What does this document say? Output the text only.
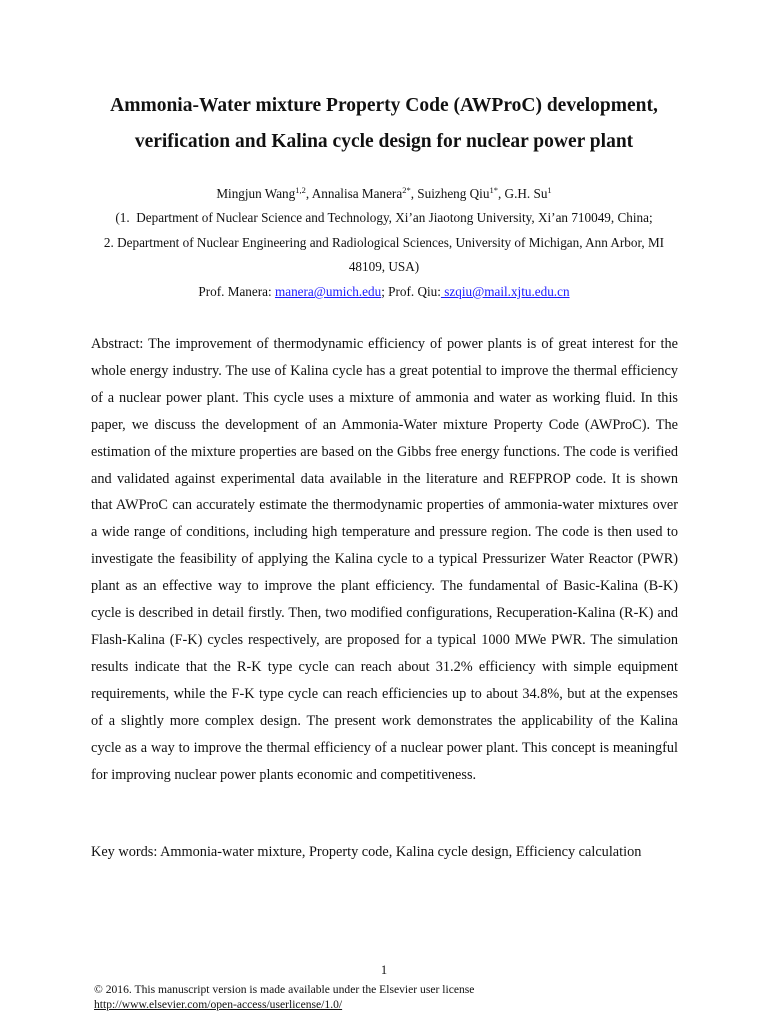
Ammonia-Water mixture Property Code (AWProC) development,
verification and Kalina cycle design for nuclear power plant
Mingjun Wang$^{1,2}$, Annalisa Manera$^{2*}$, Suizheng Qiu$^{1*}$, G.H. Su$^1$
(1.  Department of Nuclear Science and Technology, Xi’an Jiaotong University, Xi’an 710049, China;
2. Department of Nuclear Engineering and Radiological Sciences, University of Michigan, Ann Arbor, MI
48109, USA)
Prof. Manera: manera@umich.edu; Prof. Qiu: szqiu@mail.xjtu.edu.cn
Abstract: The improvement of thermodynamic efficiency of power plants is of great interest for the whole energy industry. The use of Kalina cycle has a great potential to improve the thermal efficiency of a nuclear power plant. This cycle uses a mixture of ammonia and water as working fluid. In this paper, we discuss the development of an Ammonia-Water mixture Property Code (AWProC). The estimation of the mixture properties are based on the Gibbs free energy functions. The code is verified and validated against experimental data available in the literature and REFPROP code. It is shown that AWProC can accurately estimate the thermodynamic properties of ammonia-water mixtures over a wide range of conditions, including high temperature and pressure region. The code is then used to investigate the feasibility of applying the Kalina cycle to a typical Pressurizer Water Reactor (PWR) plant as an effective way to improve the plant efficiency. The fundamental of Basic-Kalina (B-K) cycle is described in detail firstly. Then, two modified configurations, Recuperation-Kalina (R-K) and Flash-Kalina (F-K) cycles respectively, are proposed for a typical 1000 MWe PWR. The simulation results indicate that the R-K type cycle can reach about 31.2% efficiency with simple equipment requirements, while the F-K type cycle can reach efficiencies up to about 34.8%, but at the expenses of a slightly more complex design. The present work demonstrates the applicability of the Kalina cycle as a way to improve the thermal efficiency of a nuclear power plant. This concept is meaningful for improving nuclear power plants economic and competitiveness.
Key words: Ammonia-water mixture, Property code, Kalina cycle design, Efficiency calculation
1
© 2016. This manuscript version is made available under the Elsevier user license
http://www.elsevier.com/open-access/userlicense/1.0/
